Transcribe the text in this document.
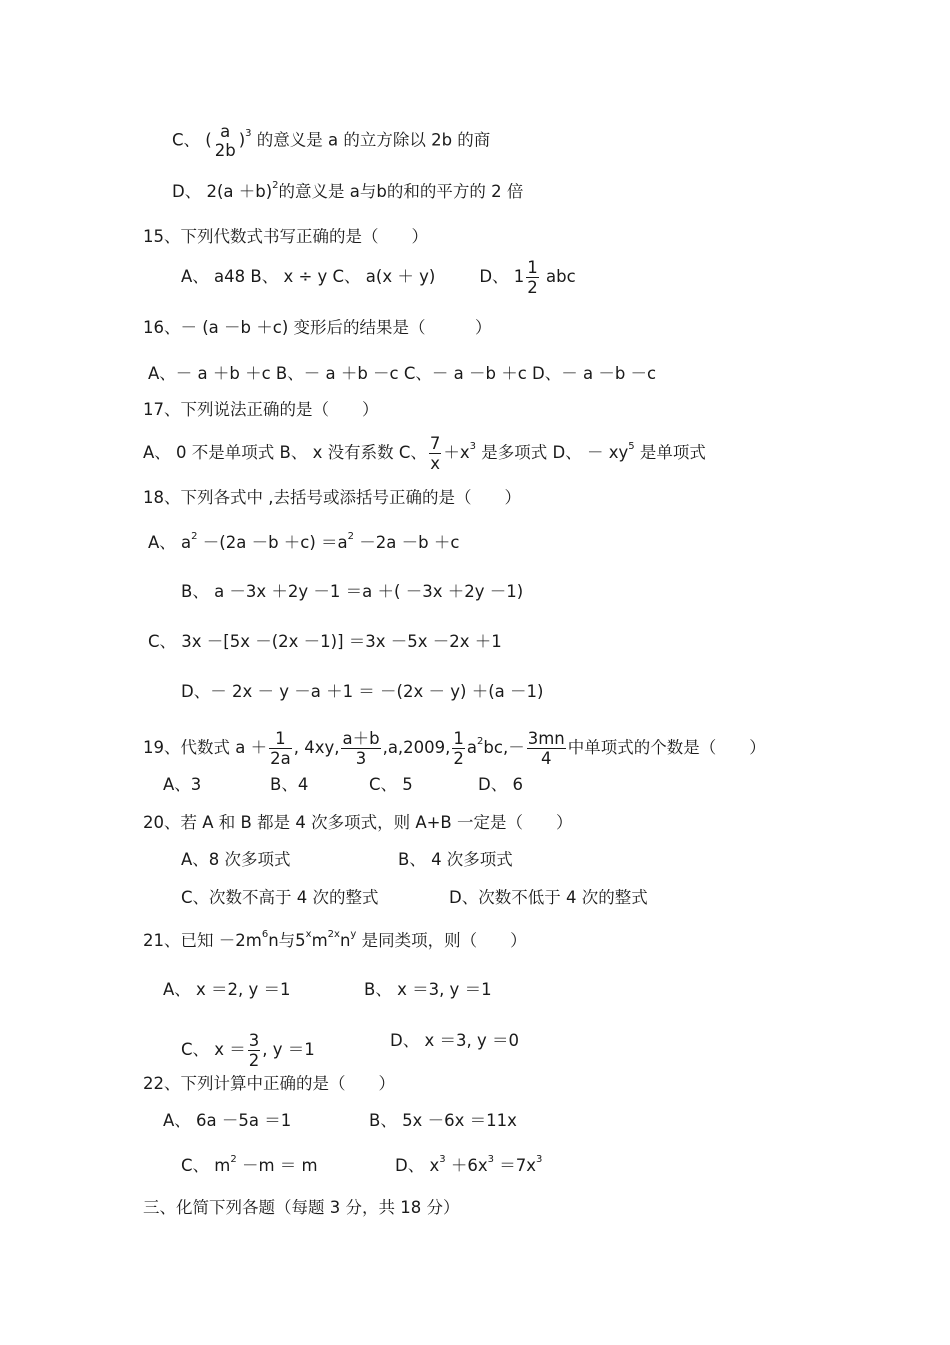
C、 ( a
2b
)$^3$ 的意义是 a 的立方除以 2b 的商
D、 $2(a +b)^2$的意义是 a与b的和的平方的 2 倍
15、下列代数式书写正确的是（　　）
A、 a48 B、 x ÷ y C、 a(x ＋ y)	D、 $1 \frac{1}{2}$ abc
16、－ (a －b ＋c) 变形后的结果是（　　　）
A、－ a ＋b ＋c B、－ a ＋b －c C、－ a －b ＋c D、－ a －b －c
17、下列说法正确的是（　　）
A、 0 不是单项式 B、 x 没有系数 C、 $\frac{7}{x} +x^3$ 是多项式 D、 － $xy^5$ 是单项式
18、下列各式中 ,去括号或添括号正确的是（　　）
A、 $a^2 -(2a -b +c) =a^2 -2a -b +c$
B、 a －3x ＋2y －1 ＝a ＋( －3x ＋2y －1)
C、 3x －[5x －(2x －1)] ＝3x －5x －2x ＋1
D、－ 2x － y －a ＋1 ＝ －(2x － y) ＋(a －1)
19、代数式 $a + \frac{1}{2a}$ , 4xy, $\frac{a+b}{3} ,a,2009$, $\frac{1}{2} a^2bc,- \frac{3mn}{4}$ 中单项式的个数是（　　）
A、3	B、4	C、 5	D、 6
20、若 A 和 B 都是 4 次多项式，则 A+B 一定是（　　）
A、8 次多项式	B、 4 次多项式
C、次数不高于 4 次的整式	D、次数不低于 4 次的整式
21、已知 $-2m^6n$与$5^xm^{2x}n^y$ 是同类项，则（　　）
A、 x ＝2, y ＝1	B、 x ＝3, y ＝1
C、 $x = \frac{3}{2}$ , y ＝1	D、 x ＝3, y ＝0
22、下列计算中正确的是（　　）
A、 6a －5a ＝1	B、 5x －6x ＝11x
C、 $m^2 -m = m$	D、 $x^3 +6x^3 =7x^3$
三、化简下列各题（每题 3 分，共 18 分）
